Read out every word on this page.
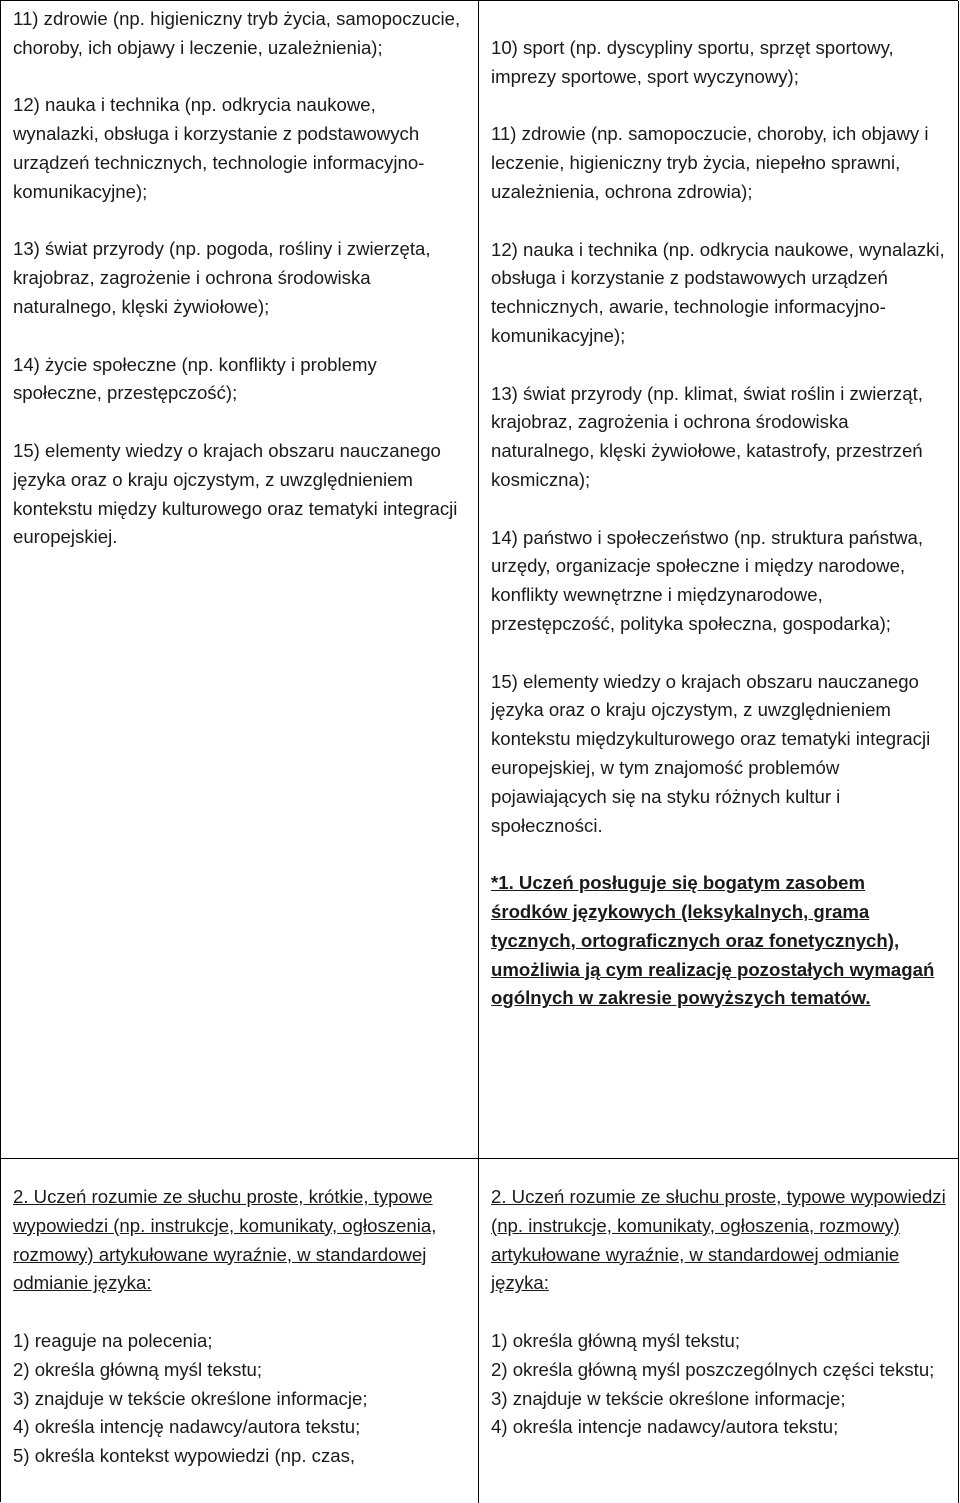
11) zdrowie (np. higieniczny tryb życia, samopoczucie, choroby, ich objawy i leczenie, uzależnienia);

12) nauka i technika (np. odkrycia naukowe, wynalazki, obsługa i korzystanie z podstawowych urządzeń technicznych, technologie informacyjno-komunikacyjne);

13) świat przyrody (np. pogoda, rośliny i zwierzęta, krajobraz, zagrożenie i ochrona środowiska naturalnego, klęski żywiołowe);

14) życie społeczne (np. konflikty i problemy społeczne, przestępczość);

15) elementy wiedzy o krajach obszaru nauczanego języka oraz o kraju ojczystym, z uwzględnieniem kontekstu między kulturowego oraz tematyki integracji europejskiej.

10) sport (np. dyscypliny sportu, sprzęt sportowy, imprezy sportowe, sport wyczynowy);

11) zdrowie (np. samopoczucie, choroby, ich objawy i leczenie, higieniczny tryb życia, niepełno sprawni, uzależnienia, ochrona zdrowia);

12) nauka i technika (np. odkrycia naukowe, wynalazki, obsługa i korzystanie z podstawowych urządzeń technicznych, awarie, technologie informacyjno-komunikacyjne);

13) świat przyrody (np. klimat, świat roślin i zwierząt, krajobraz, zagrożenia i ochrona środowiska naturalnego, klęski żywiołowe, katastrofy, przestrzeń kosmiczna);

14) państwo i społeczeństwo (np. struktura państwa, urzędy, organizacje społeczne i między narodowe, konflikty wewnętrzne i międzynarodowe, przestępczość, polityka społeczna, gospodarka);

15) elementy wiedzy o krajach obszaru nauczanego języka oraz o kraju ojczystym, z uwzględnieniem kontekstu międzykulturowego oraz tematyki integracji europejskiej, w tym znajomość problemów pojawiających się na styku różnych kultur i społeczności.

*1. Uczeń posługuje się bogatym zasobem środków językowych (leksykalnych, grama tycznych, ortograficznych oraz fonetycznych), umożliwia ją cym realizację pozostałych wymagań ogólnych w zakresie powyższych tematów.

2. Uczeń rozumie ze słuchu proste, krótkie, typowe wypowiedzi (np. instrukcje, komunikaty, ogłoszenia, rozmowy) artykułowane wyraźnie, w standardowej odmianie języka:

1) reaguje na polecenia;

2) określa główną myśl tekstu;

3) znajduje w tekście określone informacje;

4) określa intencję nadawcy/autora tekstu;

5) określa kontekst wypowiedzi (np. czas,

2. Uczeń rozumie ze słuchu proste, typowe wypowiedzi (np. instrukcje, komunikaty, ogłoszenia, rozmowy) artykułowane wyraźnie, w standardowej odmianie języka:

1) określa główną myśl tekstu;

2) określa główną myśl poszczególnych części tekstu;

3) znajduje w tekście określone informacje;

4) określa intencje nadawcy/autora tekstu;
